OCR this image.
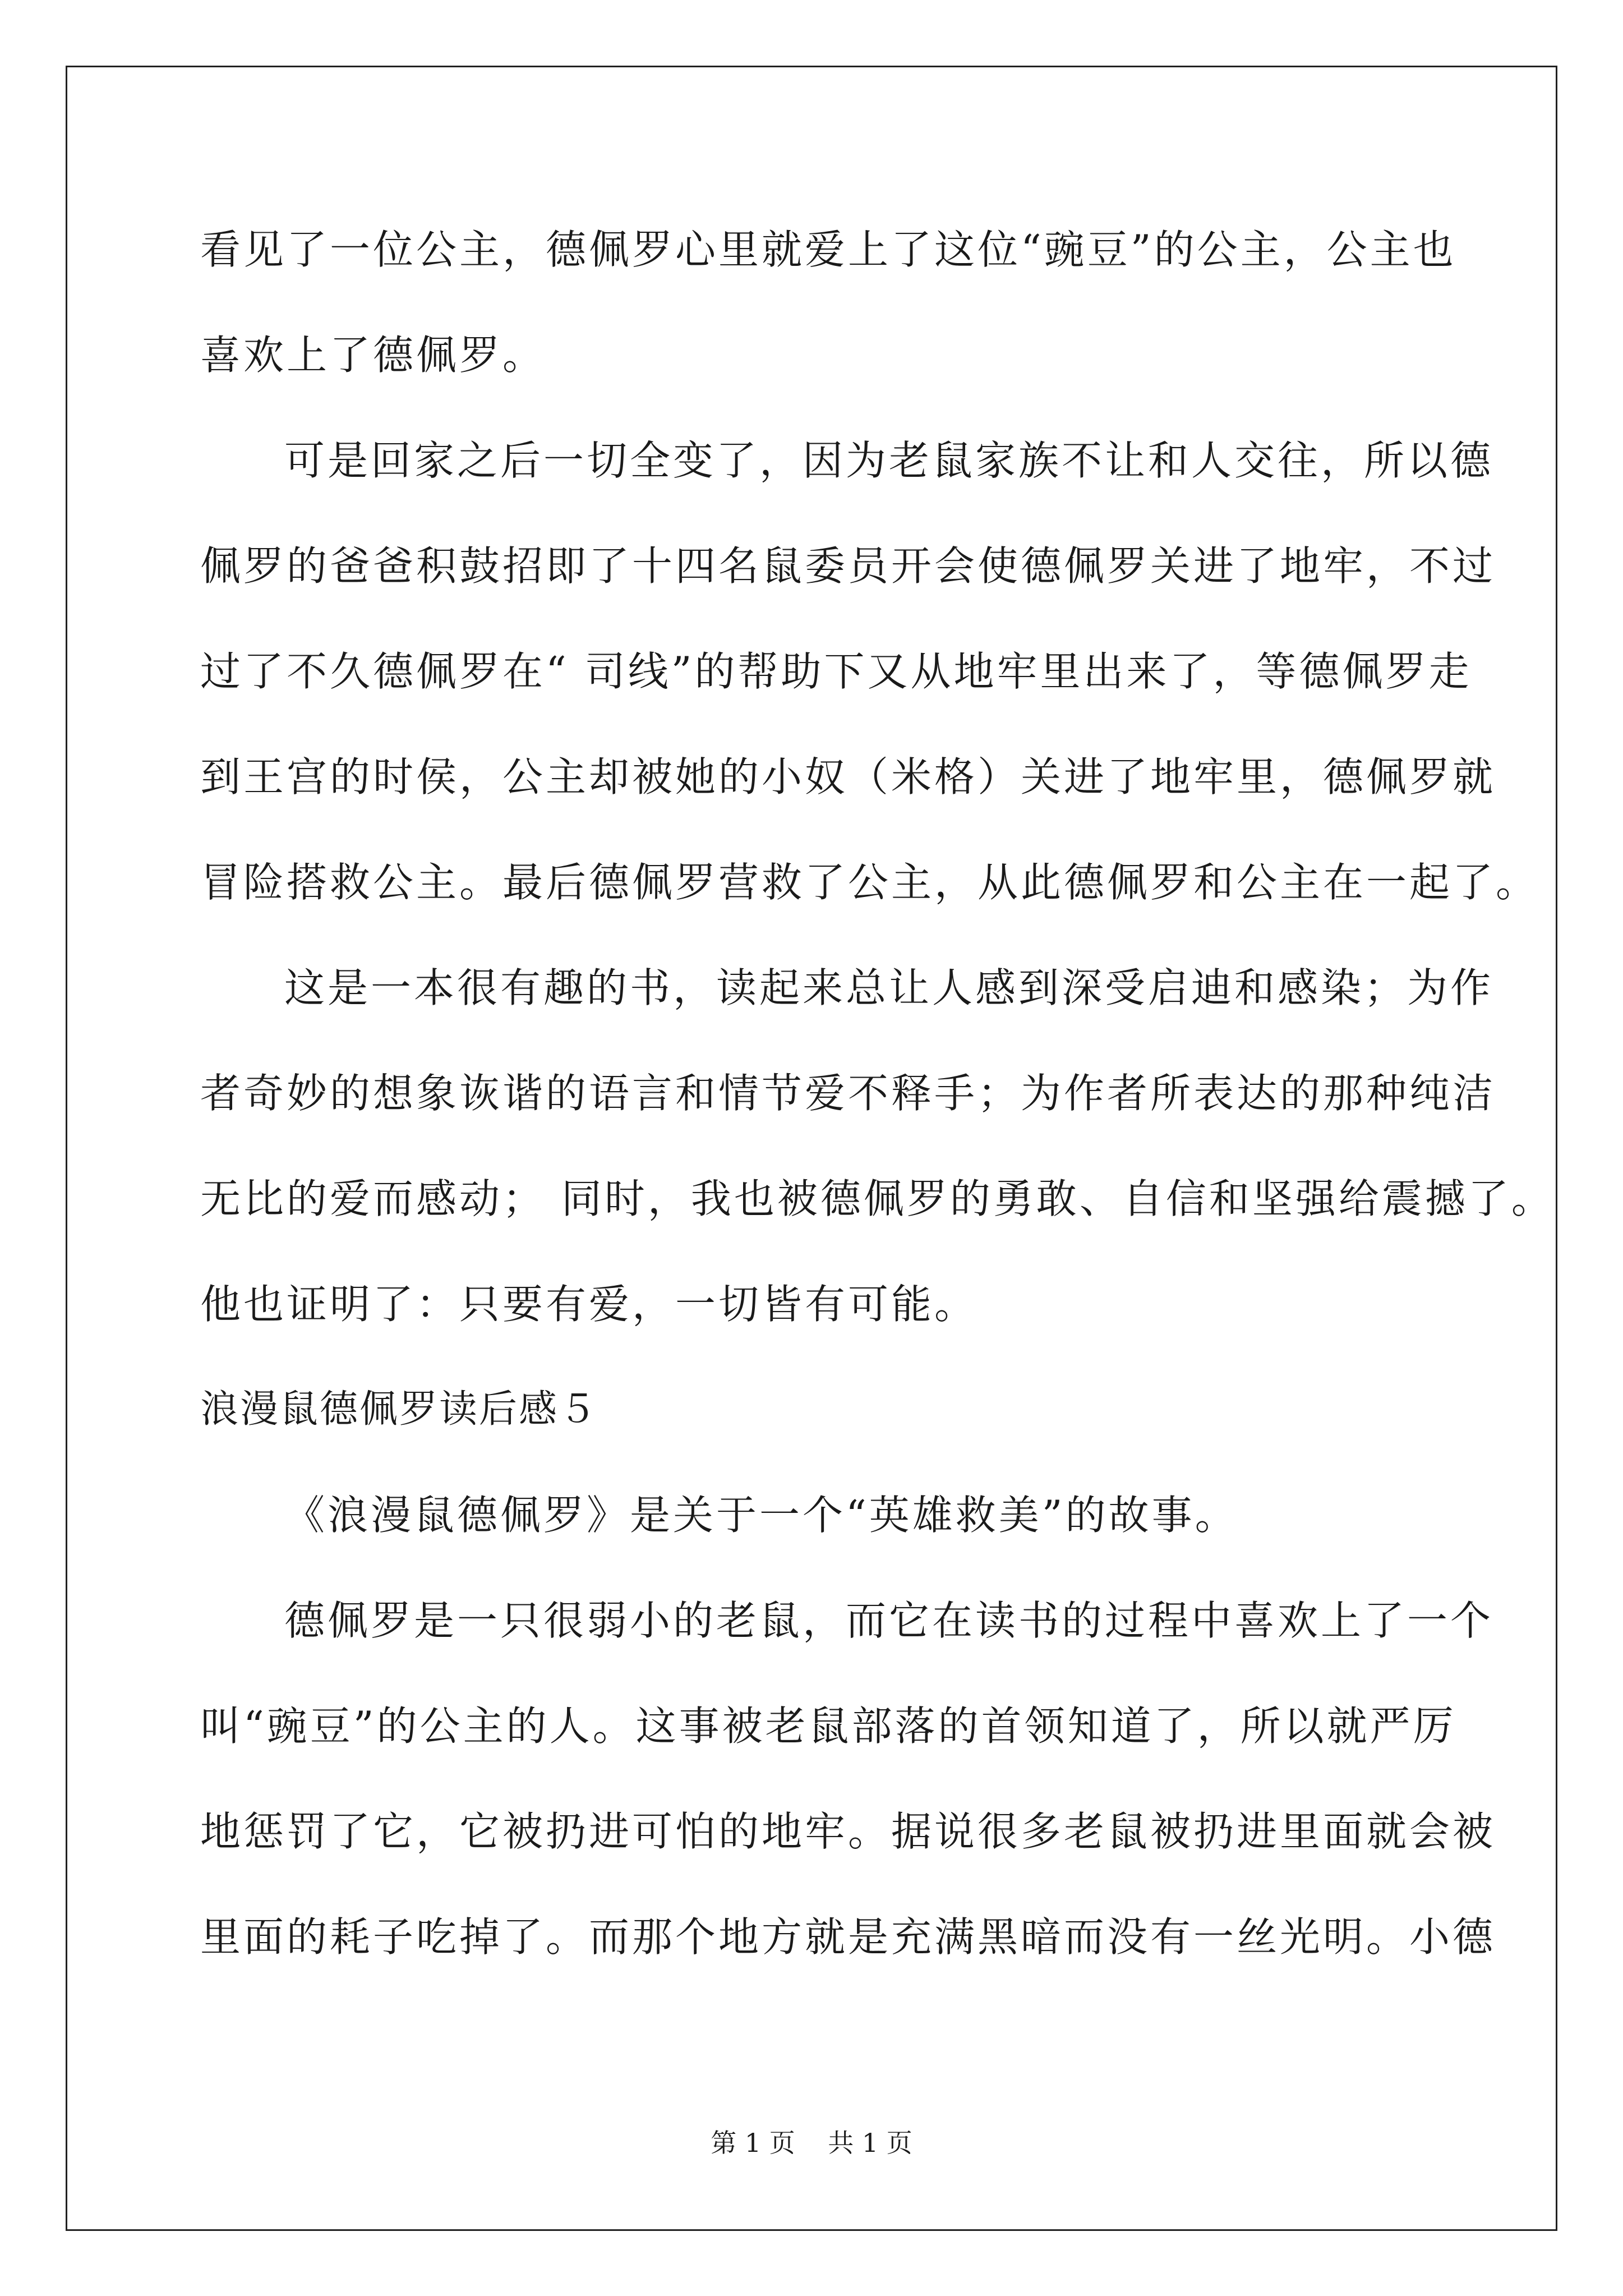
看见了一位公主，德佩罗心里就爱上了这位“豌豆”的公主，公主也
喜欢上了德佩罗。
可是回家之后一切全变了，因为老鼠家族不让和人交往，所以德
佩罗的爸爸积鼓招即了十四名鼠委员开会使德佩罗关进了地牢，不过
过了不久德佩罗在“ 司线”的帮助下又从地牢里出来了，等德佩罗走
到王宫的时侯，公主却被她的小奴（米格）关进了地牢里，德佩罗就
冒险搭救公主。最后德佩罗营救了公主，从此德佩罗和公主在一起了。
这是一本很有趣的书，读起来总让人感到深受启迪和感染；为作
者奇妙的想象诙谐的语言和情节爱不释手；为作者所表达的那种纯洁
无比的爱而感动； 同时，我也被德佩罗的勇敢、自信和坚强给震撼了。
他也证明了：只要有爱，一切皆有可能。
浪漫鼠德佩罗读后感５
《浪漫鼠德佩罗》是关于一个“英雄救美”的故事。
德佩罗是一只很弱小的老鼠，而它在读书的过程中喜欢上了一个
叫“豌豆”的公主的人。这事被老鼠部落的首领知道了，所以就严厉
地惩罚了它，它被扔进可怕的地牢。据说很多老鼠被扔进里面就会被
里面的耗子吃掉了。而那个地方就是充满黑暗而没有一丝光明。小德
第 1 页    共 1 页
